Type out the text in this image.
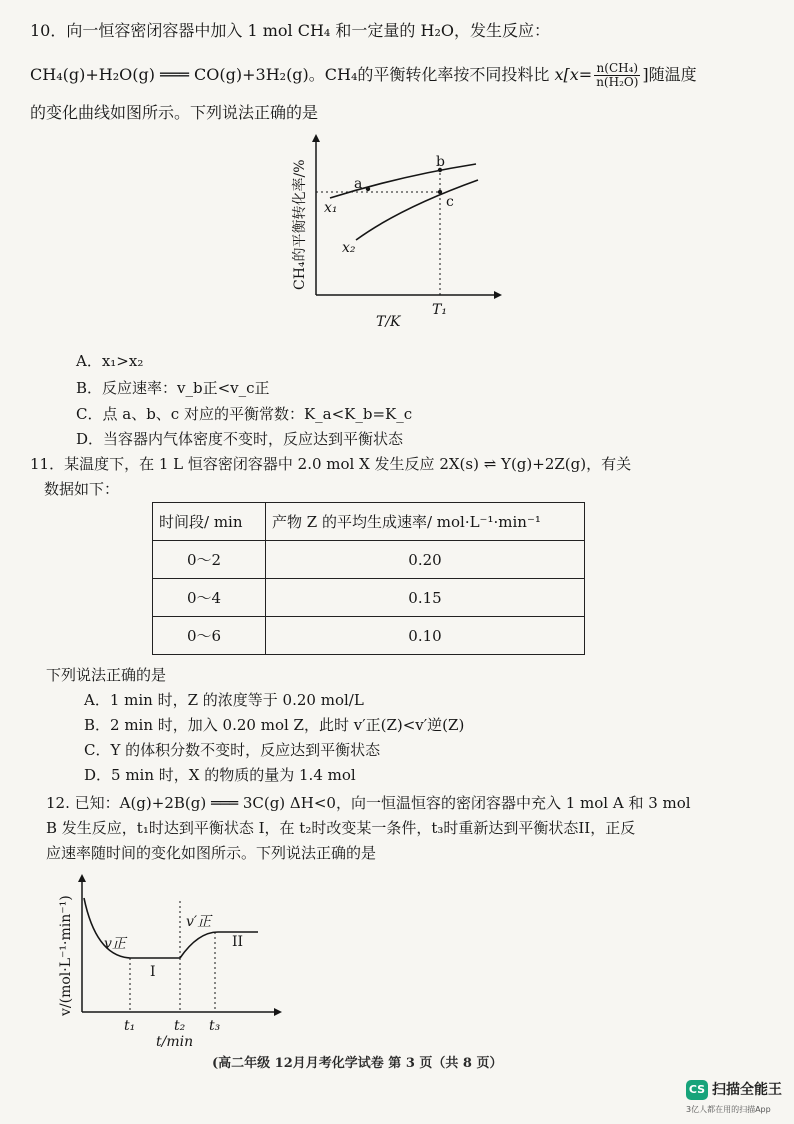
10．向一恒容密闭容器中加入 1 mol CH₄ 和一定量的 H₂O，发生反应：
CH₄(g)+H₂O(g) ═══ CO(g)+3H₂(g)。CH₄的平衡转化率按不同投料比 $x[x= \frac{\text{n(CH₄)}}{\text{n(H₂O)}}$ ]随温度
的变化曲线如图所示。下列说法正确的是
a
b
c
x₁
x₂
T₁
T/K
CH₄的平衡转化率/%
A．x₁>x₂
B．反应速率：v_b正<v_c正
C．点 a、b、c 对应的平衡常数：K_a<K_b=K_c
D．当容器内气体密度不变时，反应达到平衡状态
11．某温度下，在 1 L 恒容密闭容器中 2.0 mol X 发生反应 2X(s) ⇌ Y(g)+2Z(g)，有关
数据如下：
时间段/ min	产物 Z 的平均生成速率/ mol·L⁻¹·min⁻¹
0～2	0.20
0～4	0.15
0～6	0.10
下列说法正确的是
A．1 min 时，Z 的浓度等于 0.20 mol/L
B．2 min 时，加入 0.20 mol Z，此时 v′正(Z)<v′逆(Z)
C．Y 的体积分数不变时，反应达到平衡状态
D．5 min 时，X 的物质的量为 1.4 mol
12. 已知：A(g)+2B(g) ═══ 3C(g) ΔH<0，向一恒温恒容的密闭容器中充入 1 mol A 和 3 mol
B 发生反应，t₁时达到平衡状态 I，在 t₂时改变某一条件，t₃时重新达到平衡状态II，正反
应速率随时间的变化如图所示。下列说法正确的是
v正
v′正
I
II
t₁	t₂ t₃
t/min
v/(mol·L⁻¹·min⁻¹)
(高二年级 12月月考化学试卷 第 3 页（共 8 页）
CS 扫描全能王
3亿人都在用的扫描App
